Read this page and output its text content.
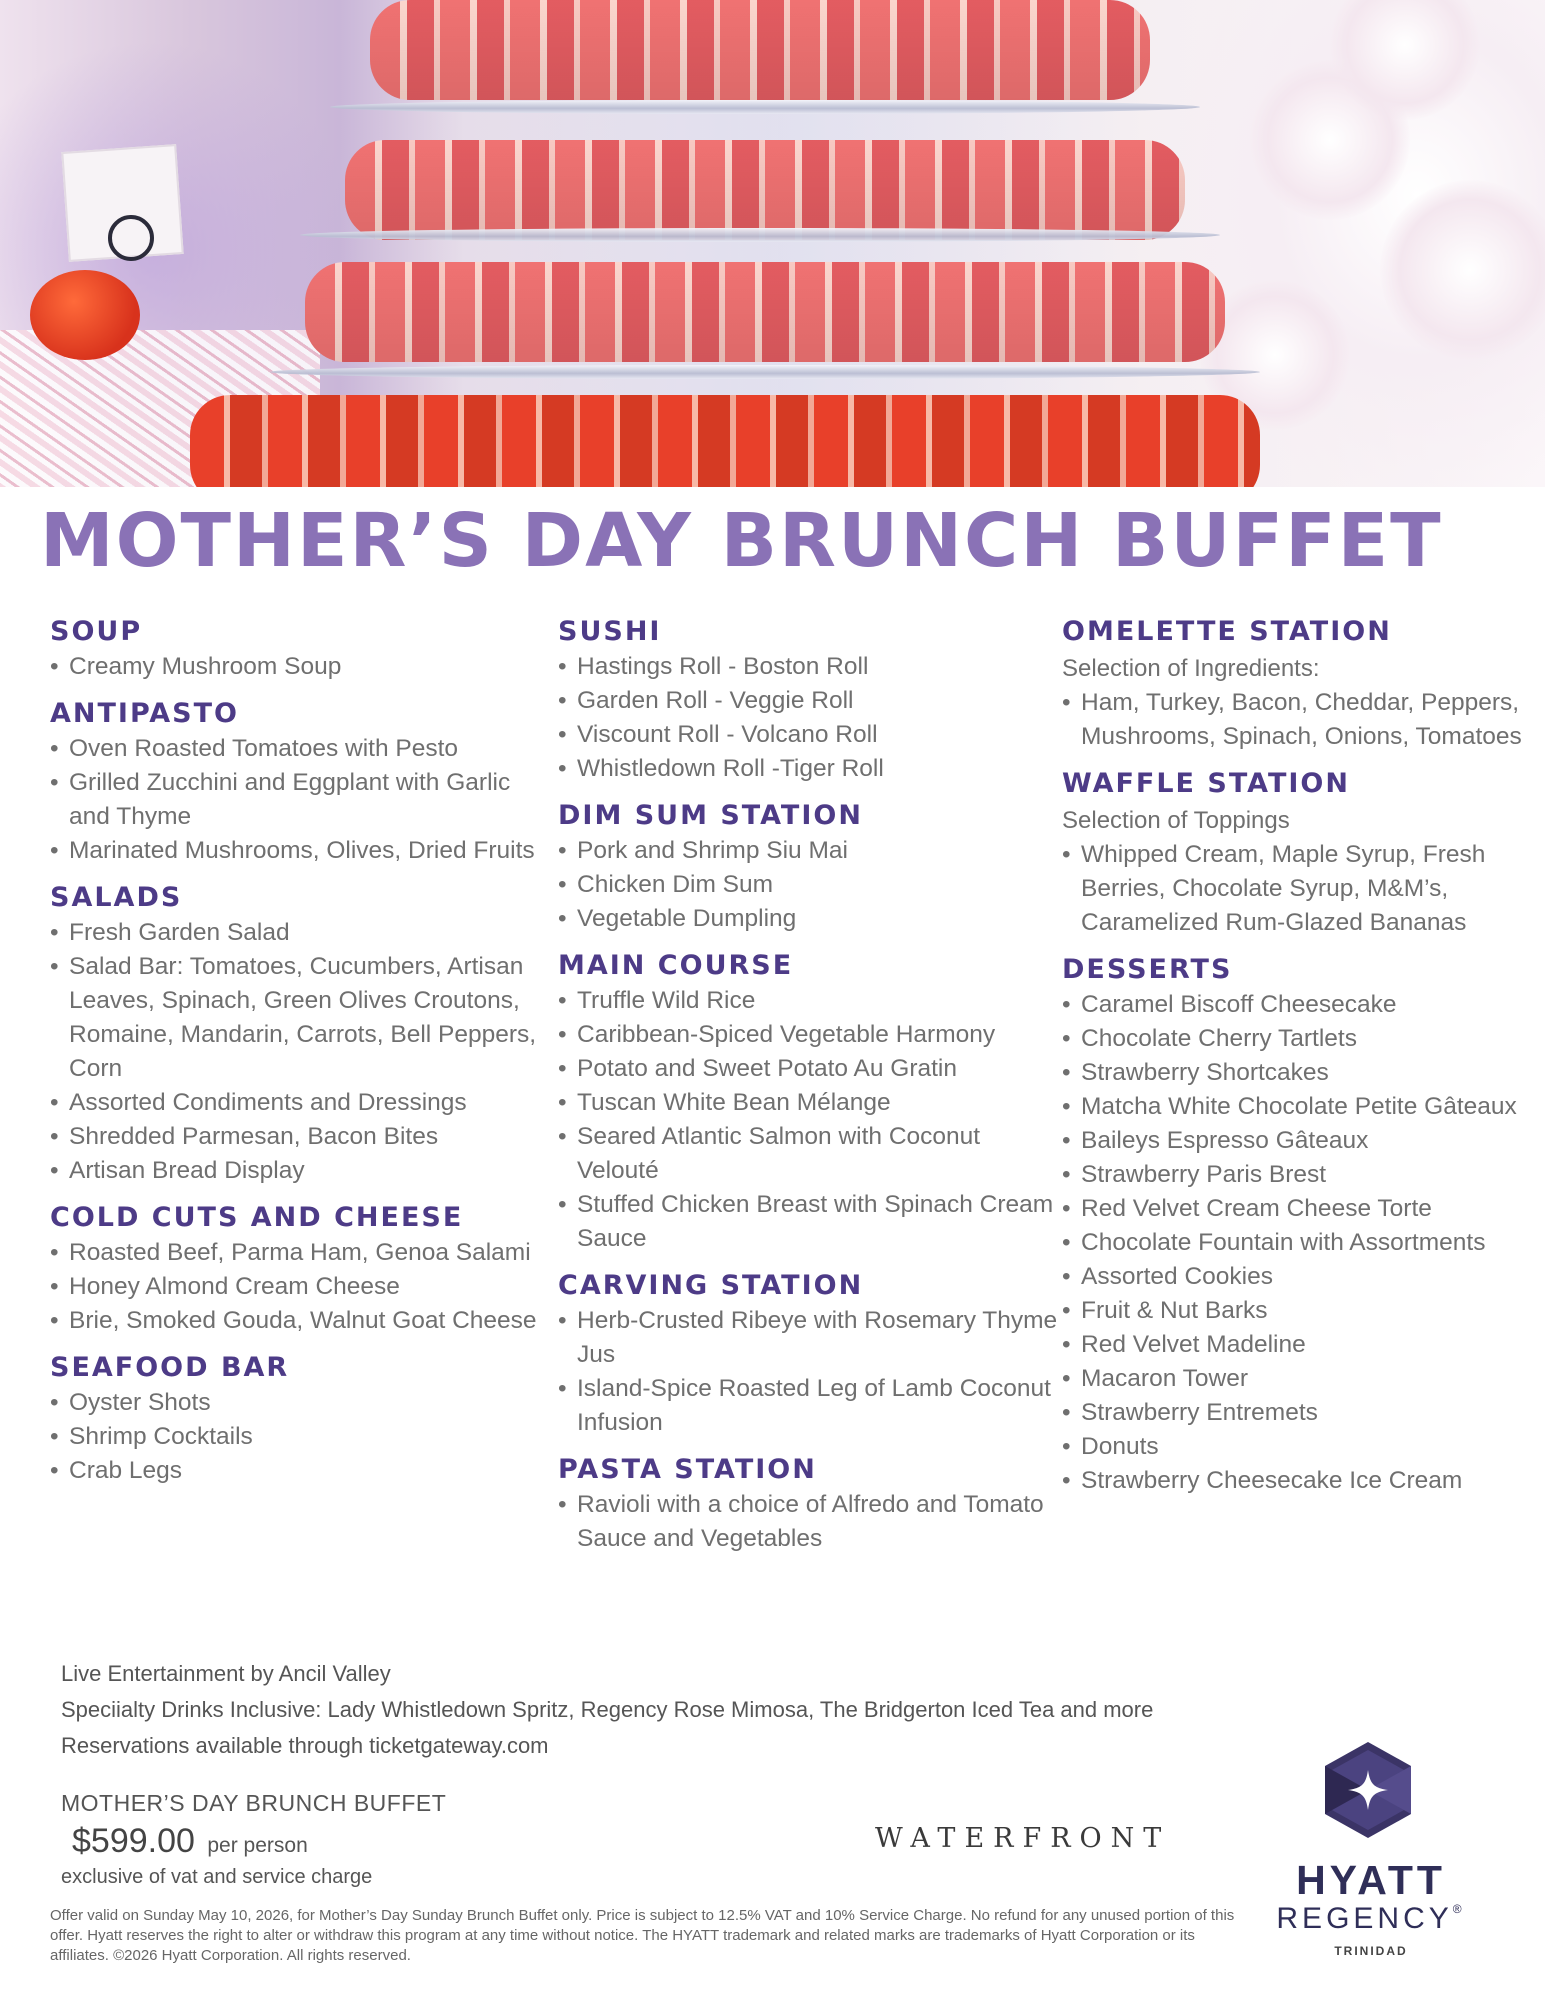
MOTHER’S DAY BRUNCH BUFFET
SOUP
• Creamy Mushroom Soup
ANTIPASTO
• Oven Roasted Tomatoes with Pesto
• Grilled Zucchini and Eggplant with Garlic and Thyme
• Marinated Mushrooms, Olives, Dried Fruits
SALADS
• Fresh Garden Salad
• Salad Bar: Tomatoes, Cucumbers, Artisan Leaves, Spinach, Green Olives Croutons, Romaine, Mandarin, Carrots, Bell Peppers, Corn
• Assorted Condiments and Dressings
• Shredded Parmesan, Bacon Bites
• Artisan Bread Display
COLD CUTS AND CHEESE
• Roasted Beef, Parma Ham, Genoa Salami
• Honey Almond Cream Cheese
• Brie, Smoked Gouda, Walnut Goat Cheese
SEAFOOD BAR
• Oyster Shots
• Shrimp Cocktails
• Crab Legs
SUSHI
• Hastings Roll - Boston Roll
• Garden Roll - Veggie Roll
• Viscount Roll - Volcano Roll
• Whistledown Roll -Tiger Roll
DIM SUM STATION
• Pork and Shrimp Siu Mai
• Chicken Dim Sum
• Vegetable Dumpling
MAIN COURSE
• Truffle Wild Rice
• Caribbean-Spiced Vegetable Harmony
• Potato and Sweet Potato Au Gratin
• Tuscan White Bean Mélange
• Seared Atlantic Salmon with Coconut Velouté
• Stuffed Chicken Breast with Spinach Cream Sauce
CARVING STATION
• Herb-Crusted Ribeye with Rosemary Thyme Jus
• Island-Spice Roasted Leg of Lamb Coconut Infusion
PASTA STATION
• Ravioli with a choice of Alfredo and Tomato Sauce and Vegetables
OMELETTE STATION
Selection of Ingredients:
• Ham, Turkey, Bacon, Cheddar, Peppers, Mushrooms, Spinach, Onions, Tomatoes
WAFFLE STATION
Selection of Toppings
• Whipped Cream, Maple Syrup, Fresh Berries, Chocolate Syrup, M&M’s, Caramelized Rum-Glazed Bananas
DESSERTS
• Caramel Biscoff Cheesecake
• Chocolate Cherry Tartlets
• Strawberry Shortcakes
• Matcha White Chocolate Petite Gâteaux
• Baileys Espresso Gâteaux
• Strawberry Paris Brest
• Red Velvet Cream Cheese Torte
• Chocolate Fountain with Assortments
• Assorted Cookies
• Fruit & Nut Barks
• Red Velvet Madeline
• Macaron Tower
• Strawberry Entremets
• Donuts
• Strawberry Cheesecake Ice Cream

Live Entertainment by Ancil Valley

Speciialty Drinks Inclusive: Lady Whistledown Spritz, Regency Rose Mimosa, The Bridgerton Iced Tea and more

Reservations available through ticketgateway.com

MOTHER’S DAY BRUNCH BUFFET
$599.00 per person
exclusive of vat and service charge
Offer valid on Sunday May 10, 2026, for Mother’s Day Sunday Brunch Buffet only. Price is subject to 12.5% VAT and 10% Service Charge. No refund for any unused portion of this offer. Hyatt reserves the right to alter or withdraw this program at any time without notice. The HYATT trademark and related marks are trademarks of Hyatt Corporation or its affiliates. ©2026 Hyatt Corporation. All rights reserved.
WATERFRONT
HYATT
REGENCY®
TRINIDAD
